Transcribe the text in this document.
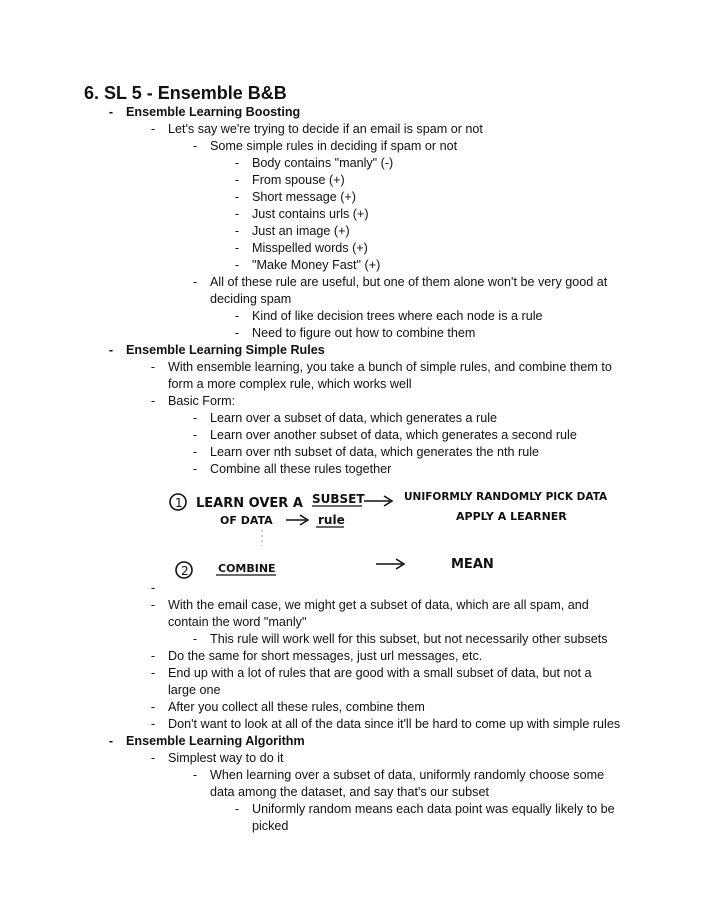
6. SL 5 - Ensemble B&B
-	Ensemble Learning Boosting
-	Let's say we're trying to decide if an email is spam or not
-	Some simple rules in deciding if spam or not
-	Body contains "manly" (-)
-	From spouse (+)
-	Short message (+)
-	Just contains urls (+)
-	Just an image (+)
-	Misspelled words (+)
-	"Make Money Fast" (+)
-	All of these rule are useful, but one of them alone won't be very good at
deciding spam
-	Kind of like decision trees where each node is a rule
-	Need to figure out how to combine them
-	Ensemble Learning Simple Rules
-	With ensemble learning, you take a bunch of simple rules, and combine them to
form a more complex rule, which works well
-	Basic Form:
-	Learn over a subset of data, which generates a rule
-	Learn over another subset of data, which generates a second rule
-	Learn over nth subset of data, which generates the nth rule
-	Combine all these rules together
-
-	With the email case, we might get a subset of data, which are all spam, and
contain the word "manly"
-	This rule will work well for this subset, but not necessarily other subsets
-	Do the same for short messages, just url messages, etc.
-	End up with a lot of rules that are good with a small subset of data, but not a
large one
-	After you collect all these rules, combine them
-	Don't want to look at all of the data since it'll be hard to come up with simple rules
-	Ensemble Learning Algorithm
-	Simplest way to do it
-	When learning over a subset of data, uniformly randomly choose some
data among the dataset, and say that's our subset
-	Uniformly random means each data point was equally likely to be
picked
1 LEARN OVER A SUBSET	UNIFORMLY RANDOMLY PICK DATA
OF DATA	rule	APPLY A LEARNER
2	COMBINE	MEAN
